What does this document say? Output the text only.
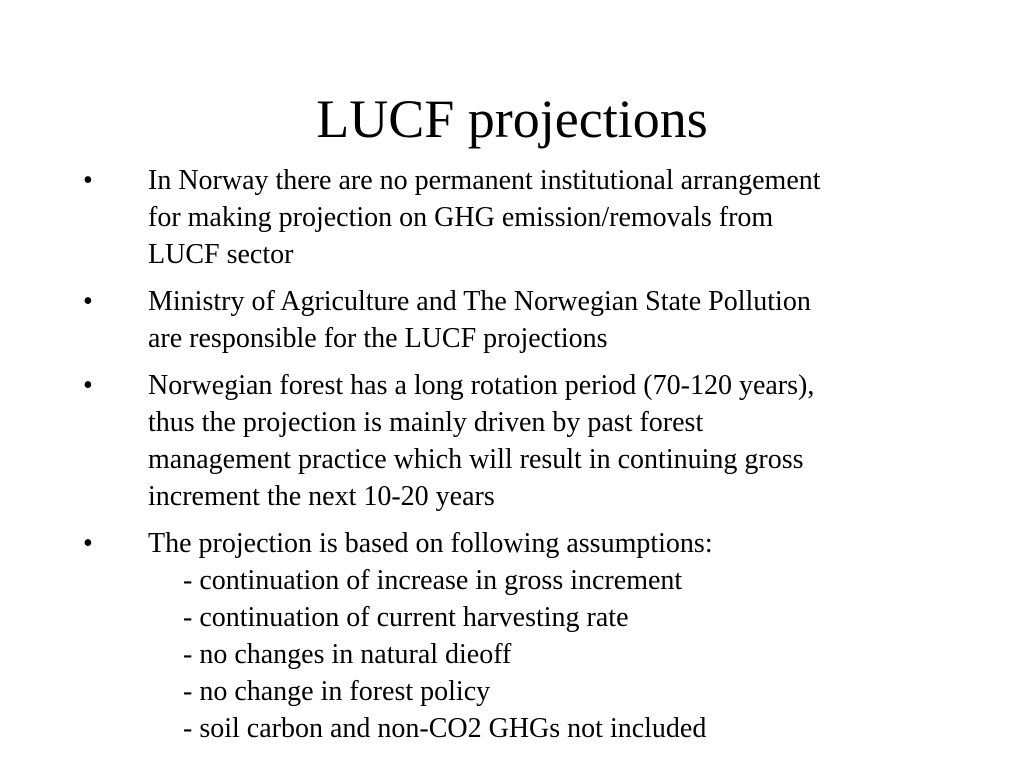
LUCF projections
• In Norway there are no permanent institutional arrangement
for making projection on GHG emission/removals from
LUCF sector
• Ministry of Agriculture and The Norwegian State Pollution
are responsible for the LUCF projections
• Norwegian forest has a long rotation period (70-120 years),
thus the projection is mainly driven by past forest
management practice which will result in continuing gross
increment the next 10-20 years
• The projection is based on following assumptions:
- continuation of increase in gross increment
- continuation of current harvesting rate
- no changes in natural dieoff
- no change in forest policy
- soil carbon and non-CO2 GHGs not included
